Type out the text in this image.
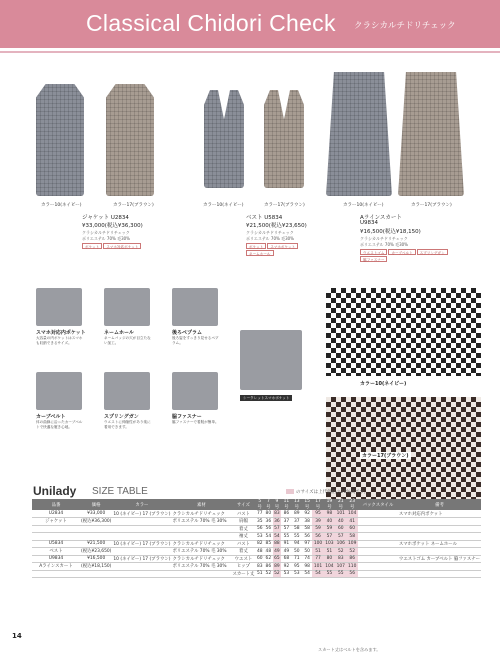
Classical Chidori Check クラシカルチドリチェック
カラー10(ネイビー)	カラー17(ブラウン)	カラー10(ネイビー)	カラー17(ブラウン)	カラー10(ネイビー)	カラー17(ブラウン)
ジャケット U2834
¥33,000(税込¥36,300)
クラシカルチドリチェック
ポリエステル 70% 毛30%
ポケット	スマホ対応ポケット
ベスト U5834
¥21,500(税込¥23,650)
クラシカルチドリチェック
ポリエステル 70% 毛30%
ポケット	スマホポケット
ネームホール
Aラインスカート
U9834
¥16,500(税込¥18,150)
クラシカルチドリチェック
ポリエステル 70% 毛30%
ウエストゴム	カーブベルト	スプリングガン
脇ファスナー
スマホ対応内ポケット
大容量の内ポケットはスマホも収納できるサイズ。
ネームホール
ネームバッジの穴が目立たない加工。
後ろペプラム
後ろ姿をすっきり見せるペプラム。
カーブベルト
体の曲線に沿ったカーブベルトで快適な履き心地。
スプリングガン
ウエストに伸縮性があり楽に着用できます。
脇ファスナー
脇ファスナーで着脱が簡単。
シークレットスマホポケット
カラー10(ネイビー)
カラー17(ブラウン)
Unilady SIZE TABLE	のサイズは上代価格の20%高です。
品番	価格	カラー	素材	サイズ	5号	7号	9号	11号	13号	15号	17号	19号	21号	23号	バックスタイル	備考
U2834	¥33,000	10 (ネイビー) 17 (ブラウン)	クラシカルチドリチェック	バスト	77	80	83	86	89	92	95	98	101	104		スマホ対応内ポケット
ジャケット	(税込¥36,300)		ポリエステル 70% 毛 30%	肩幅	35	36	36	37	37	38	39	40	40	41		
				着丈	56	56	57	57	58	58	59	59	60	60		
				袖丈	53	54	54	55	55	56	56	57	57	58		
U5834	¥21,500	10 (ネイビー) 17 (ブラウン)	クラシカルチドリチェック	バスト	82	85	88	91	94	97	100	103	106	109		スマホポケット ネームホール
ベスト	(税込¥23,650)		ポリエステル 70% 毛 30%	着丈	48	48	49	49	50	50	51	51	52	52		
U9834	¥16,500	10 (ネイビー) 17 (ブラウン)	クラシカルチドリチェック	ウエスト	60	62	65	68	71	74	77	80	83	86		ウエストゴム カーブベルト 脇ファスナー
Aラインスカート	(税込¥18,150)		ポリエステル 70% 毛 30%	ヒップ	83	86	89	92	95	98	101	104	107	110		
				スカート丈	51	52	52	53	53	54	54	55	55	56		
14
スカート丈はベルトを含みます。
